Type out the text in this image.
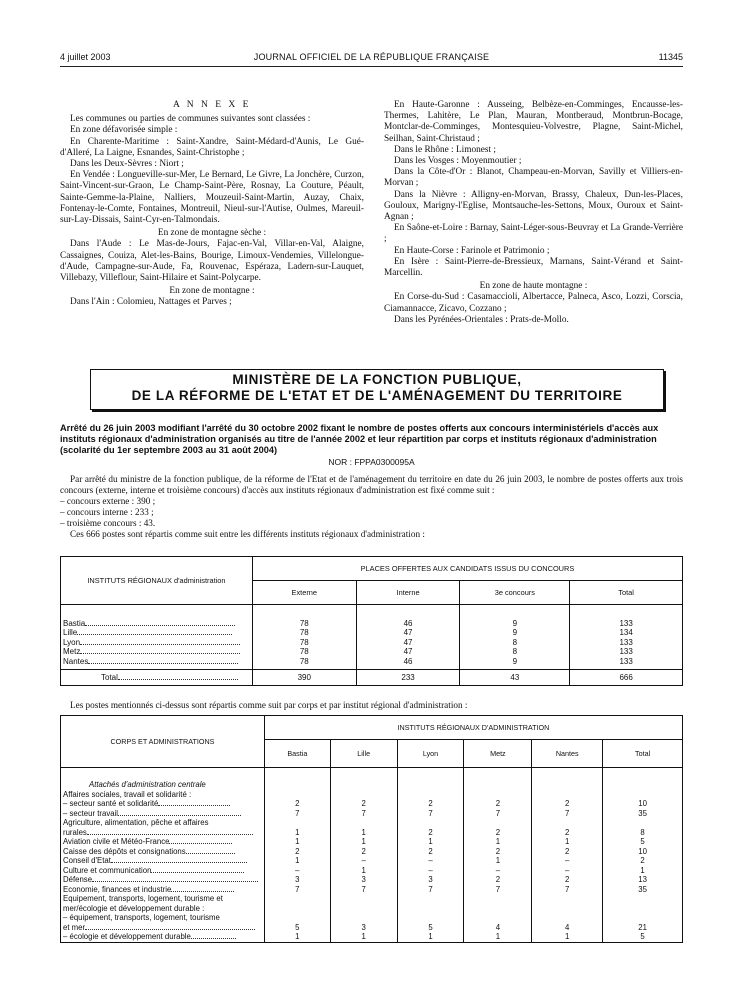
4 juillet 2003	JOURNAL OFFICIEL DE LA RÉPUBLIQUE FRANÇAISE	11345
A N N E X E

Les communes ou parties de communes suivantes sont classées :

En zone défavorisée simple :

En Charente-Maritime : Saint-Xandre, Saint-Médard-d'Aunis, Le Gué-d'Alleré, La Laigne, Esnandes, Saint-Christophe ;

Dans les Deux-Sèvres : Niort ;

En Vendée : Longueville-sur-Mer, Le Bernard, Le Givre, La Jonchère, Curzon, Saint-Vincent-sur-Graon, Le Champ-Saint-Père, Rosnay, La Couture, Péault, Sainte-Gemme-la-Plaine, Nalliers, Mouzeuil-Saint-Martin, Auzay, Chaix, Fontenay-le-Comte, Fontaines, Montreuil, Nieul-sur-l'Autise, Oulmes, Mareuil-sur-Lay-Dissais, Saint-Cyr-en-Talmondais.

En zone de montagne sèche :

Dans l'Aude : Le Mas-de-Jours, Fajac-en-Val, Villar-en-Val, Alaigne, Cassaignes, Couiza, Alet-les-Bains, Bourige, Limoux-Vendemies, Villelongue-d'Aude, Campagne-sur-Aude, Fa, Rouvenac, Espéraza, Ladern-sur-Lauquet, Villebazy, Villeflour, Saint-Hilaire et Saint-Polycarpe.

En zone de montagne :

Dans l'Ain : Colomieu, Nattages et Parves ;

En Haute-Garonne : Ausseing, Belbèze-en-Comminges, Encausse-les-Thermes, Lahitère, Le Plan, Mauran, Montberaud, Montbrun-Bocage, Montclar-de-Comminges, Montesquieu-Volvestre, Plagne, Saint-Michel, Seilhan, Saint-Christaud ;

Dans le Rhône : Limonest ;

Dans les Vosges : Moyenmoutier ;

Dans la Côte-d'Or : Blanot, Champeau-en-Morvan, Savilly et Villiers-en-Morvan ;

Dans la Nièvre : Alligny-en-Morvan, Brassy, Chaleux, Dun-les-Places, Gouloux, Marigny-l'Eglise, Montsauche-les-Settons, Moux, Ouroux et Saint-Agnan ;

En Saône-et-Loire : Barnay, Saint-Léger-sous-Beuvray et La Grande-Verrière ;

En Haute-Corse : Farinole et Patrimonio ;

En Isère : Saint-Pierre-de-Bressieux, Marnans, Saint-Vérand et Saint-Marcellin.

En zone de haute montagne :

En Corse-du-Sud : Casamaccioli, Albertacce, Palneca, Asco, Lozzi, Corscia, Ciamannacce, Zicavo, Cozzano ;

Dans les Pyrénées-Orientales : Prats-de-Mollo.

MINISTÈRE DE LA FONCTION PUBLIQUE,
DE LA RÉFORME DE L'ETAT ET DE L'AMÉNAGEMENT DU TERRITOIRE
Arrêté du 26 juin 2003 modifiant l'arrêté du 30 octobre 2002 fixant le nombre de postes offerts aux concours interministériels d'accès aux instituts régionaux d'administration organisés au titre de l'année 2002 et leur répartition par corps et instituts régionaux d'administration (scolarité du 1er septembre 2003 au 31 août 2004)
NOR : FPPA0300095A

Par arrêté du ministre de la fonction publique, de la réforme de l'Etat et de l'aménagement du territoire en date du 26 juin 2003, le nombre de postes offerts aux trois concours (externe, interne et troisième concours) d'accès aux instituts régionaux d'administration est fixé comme suit :

– concours externe : 390 ;

– concours interne : 233 ;

– troisième concours : 43.

Ces 666 postes sont répartis comme suit entre les différents instituts régionaux d'administration :

INSTITUTS RÉGIONAUX d'administration	PLACES OFFERTES AUX CANDIDATS ISSUS DU CONCOURS			
	Externe	Interne	3e concours	Total

Bastia	78	46	9	133
Lille	78	47	9	134
Lyon	78	47	8	133
Metz	78	47	8	133
Nantes	78	46	9	133

Total	390	233	43	666

Les postes mentionnés ci-dessus sont répartis comme suit par corps et par institut régional d'administration :

CORPS ET ADMINISTRATIONS	INSTITUTS RÉGIONAUX D'ADMINISTRATION					
	Bastia	Lille	Lyon	Metz	Nantes	Total
Attachés d'administration centrale						
Affaires sociales, travail et solidarité :						
– secteur santé et solidarité	2	2	2	2	2	10
– secteur travail	7	7	7	7	7	35
Agriculture, alimentation, pêche et affaires						
rurales	1	1	2	2	2	8
Aviation civile et Météo-France	1	1	1	1	1	5
Caisse des dépôts et consignations	2	2	2	2	2	10
Conseil d'Etat	1	–	–	1	–	2
Culture et communication	–	1	–	–	–	1
Défense	3	3	3	2	2	13
Economie, finances et industrie	7	7	7	7	7	35
Equipement, transports, logement, tourisme et						
mer/écologie et développement durable :						
– équipement, transports, logement, tourisme						
et mer	5	3	5	4	4	21
– écologie et développement durable	1	1	1	1	1	5
